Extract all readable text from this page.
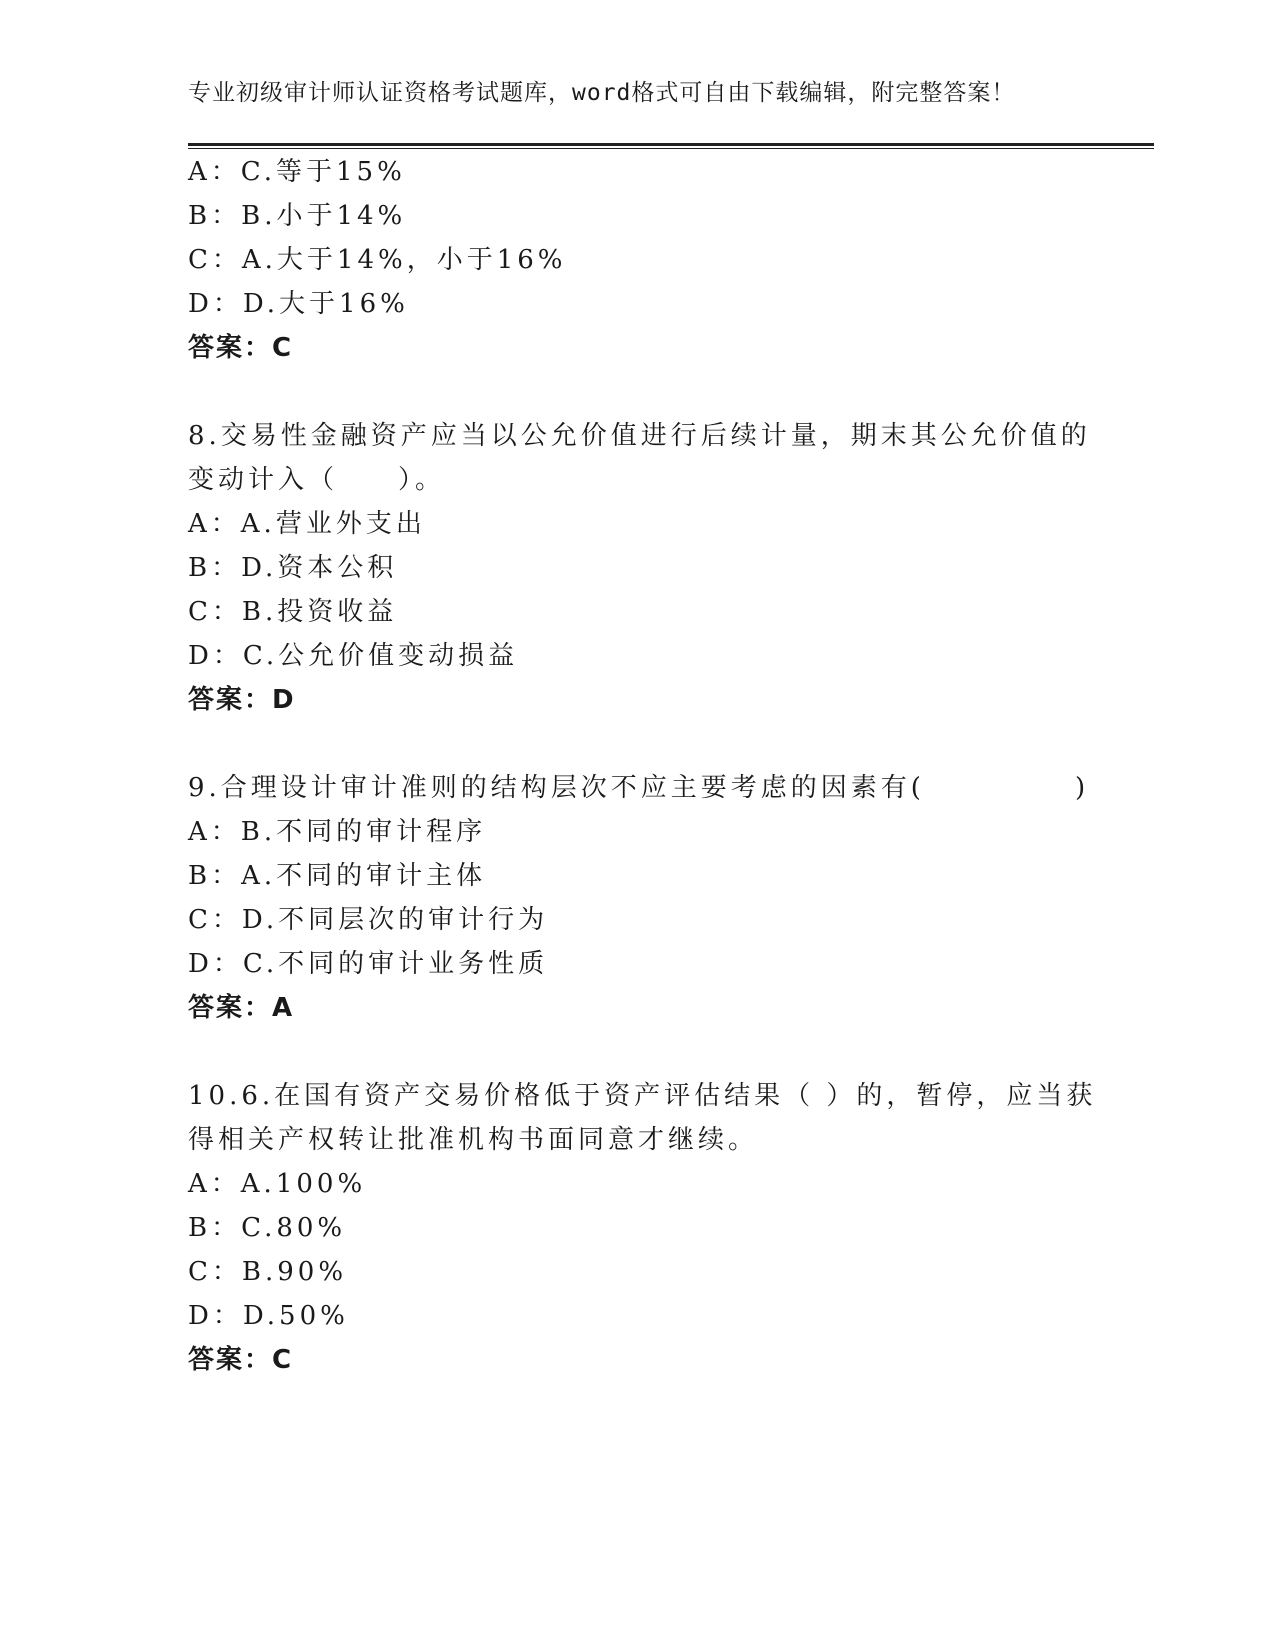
专业初级审计师认证资格考试题库，word格式可自由下载编辑，附完整答案！
A：C.等于15%
B：B.小于14%
C：A.大于14%，小于16%
D：D.大于16%
答案：C
8.交易性金融资产应当以公允价值进行后续计量，期末其公允价值的
变动计入（　　）。
A：A.营业外支出
B：D.资本公积
C：B.投资收益
D：C.公允价值变动损益
答案：D
9.合理设计审计准则的结构层次不应主要考虑的因素有(　　　　　)
A：B.不同的审计程序
B：A.不同的审计主体
C：D.不同层次的审计行为
D：C.不同的审计业务性质
答案：A
10.6.在国有资产交易价格低于资产评估结果（ ）的，暂停，应当获
得相关产权转让批准机构书面同意才继续。
A：A.100%
B：C.80%
C：B.90%
D：D.50%
答案：C
